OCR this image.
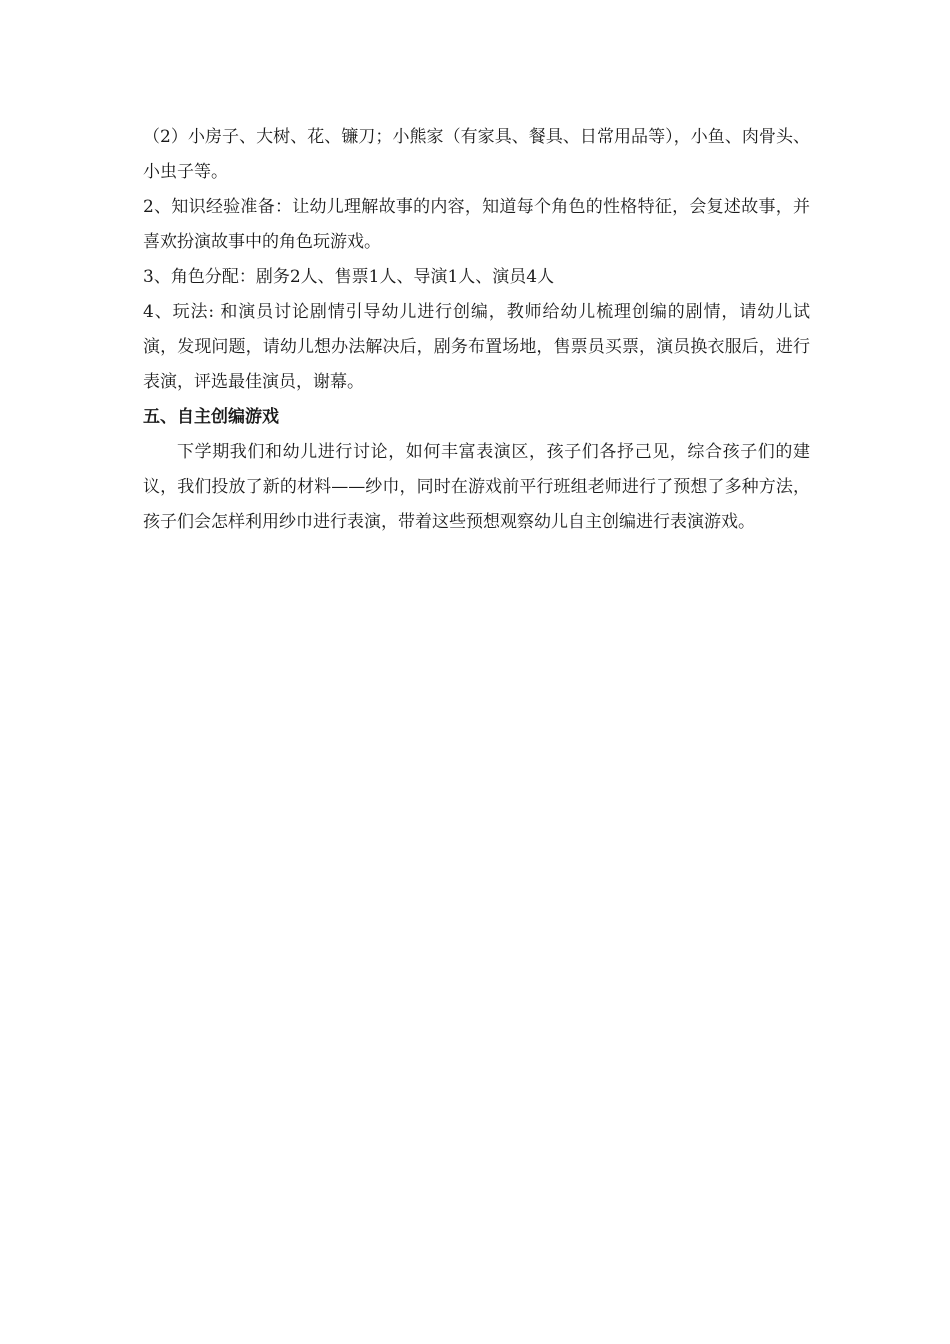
（2）小房子、大树、花、镰刀；小熊家（有家具、餐具、日常用品等），小鱼、肉骨头、小虫子等。

2、知识经验准备：让幼儿理解故事的内容，知道每个角色的性格特征，会复述故事，并喜欢扮演故事中的角色玩游戏。

3、角色分配：剧务2人、售票1人、导演1人、演员4人

4、玩法: 和演员讨论剧情引导幼儿进行创编，教师给幼儿梳理创编的剧情，请幼儿试演，发现问题，请幼儿想办法解决后，剧务布置场地，售票员买票，演员换衣服后，进行表演，评选最佳演员，谢幕。

五、自主创编游戏

下学期我们和幼儿进行讨论，如何丰富表演区，孩子们各抒己见，综合孩子们的建议，我们投放了新的材料——纱巾，同时在游戏前平行班组老师进行了预想了多种方法，孩子们会怎样利用纱巾进行表演，带着这些预想观察幼儿自主创编进行表演游戏。
